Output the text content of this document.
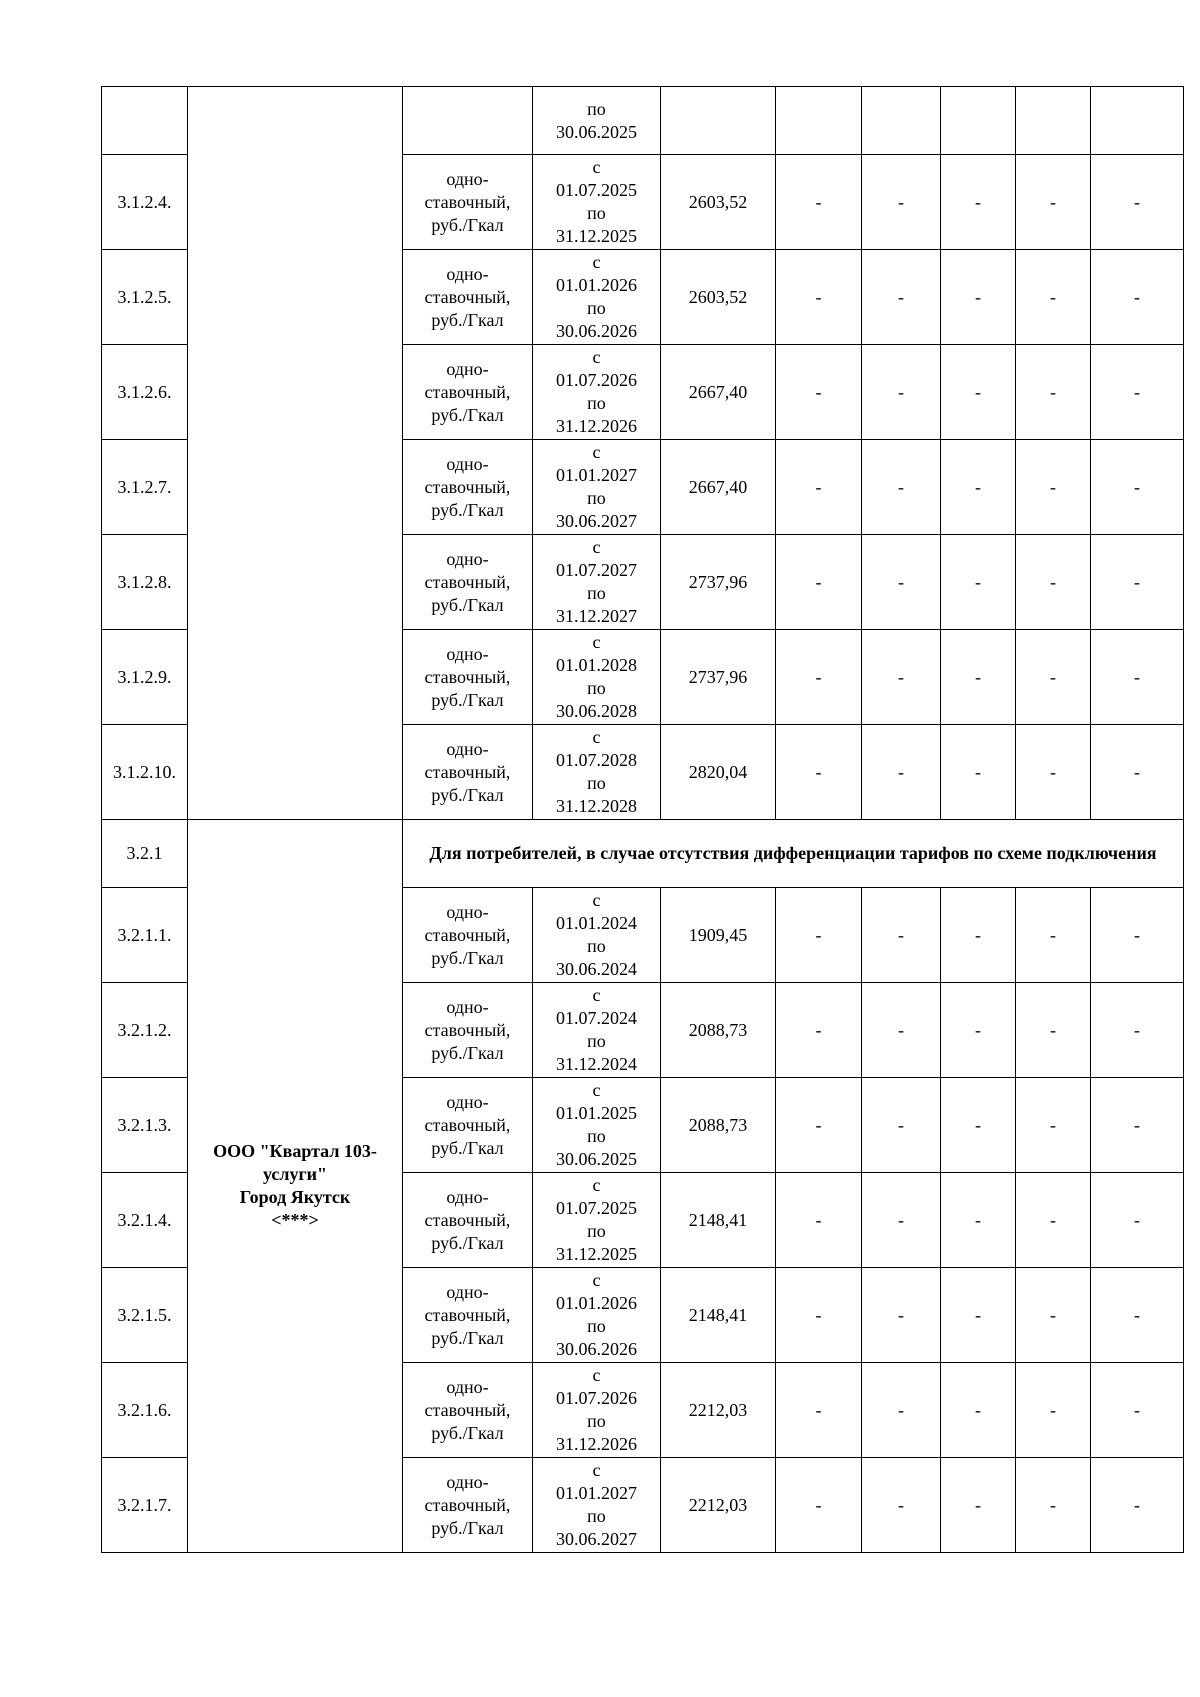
			по
30.06.2025						

3.1.2.4.		одно-
ставочный,
руб./Гкал	с
01.07.2025
по
31.12.2025	2603,52	-	-	-	-	-
3.1.2.5.		одно-
ставочный,
руб./Гкал	с
01.01.2026
по
30.06.2026	2603,52	-	-	-	-	-
3.1.2.6.		одно-
ставочный,
руб./Гкал	с
01.07.2026
по
31.12.2026	2667,40	-	-	-	-	-
3.1.2.7.		одно-
ставочный,
руб./Гкал	с
01.01.2027
по
30.06.2027	2667,40	-	-	-	-	-
3.1.2.8.		одно-
ставочный,
руб./Гкал	с
01.07.2027
по
31.12.2027	2737,96	-	-	-	-	-
3.1.2.9.		одно-
ставочный,
руб./Гкал	с
01.01.2028
по
30.06.2028	2737,96	-	-	-	-	-
3.1.2.10.		одно-
ставочный,
руб./Гкал	с
01.07.2028
по
31.12.2028	2820,04	-	-	-	-	-
3.2.1	ООО "Квартал 103-
услуги"
Город Якутск
<***>	Для потребителей, в случае отсутствия дифференциации тарифов по схеме подключения							
3.2.1.1.		одно-
ставочный,
руб./Гкал	с
01.01.2024
по
30.06.2024	1909,45	-	-	-	-	-
3.2.1.2.		одно-
ставочный,
руб./Гкал	с
01.07.2024
по
31.12.2024	2088,73	-	-	-	-	-
3.2.1.3.		одно-
ставочный,
руб./Гкал	с
01.01.2025
по
30.06.2025	2088,73	-	-	-	-	-
3.2.1.4.		одно-
ставочный,
руб./Гкал	с
01.07.2025
по
31.12.2025	2148,41	-	-	-	-	-
3.2.1.5.		одно-
ставочный,
руб./Гкал	с
01.01.2026
по
30.06.2026	2148,41	-	-	-	-	-
3.2.1.6.		одно-
ставочный,
руб./Гкал	с
01.07.2026
по
31.12.2026	2212,03	-	-	-	-	-
3.2.1.7.		одно-
ставочный,
руб./Гкал	с
01.01.2027
по
30.06.2027	2212,03	-	-	-	-	-
